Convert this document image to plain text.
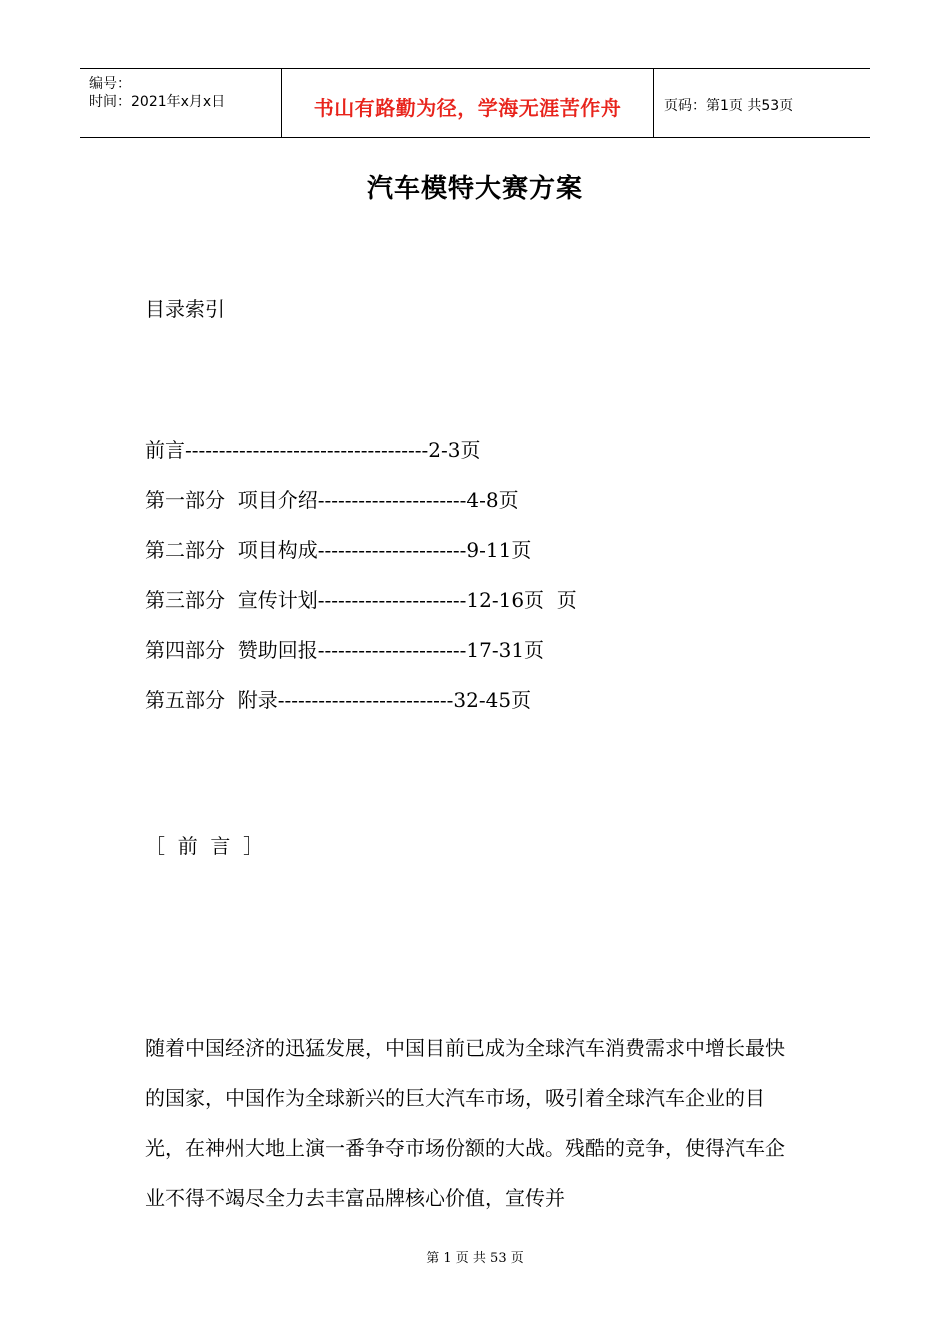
编号：
时间：2021年x月x日	书山有路勤为径，学海无涯苦作舟	页码：第1页 共53页
汽车模特大赛方案
目录索引
前言------------------------------------2-3页
第一部分  项目介绍----------------------4-8页
第二部分  项目构成----------------------9-11页
第三部分  宣传计划----------------------12-16页  页
第四部分  赞助回报----------------------17-31页
第五部分  附录--------------------------32-45页
［  前  言  ］

随着中国经济的迅猛发展，中国目前已成为全球汽车消费需求中增长最快的国家，中国作为全球新兴的巨大汽车市场，吸引着全球汽车企业的目光，在神州大地上演一番争夺市场份额的大战。残酷的竞争，使得汽车企业不得不竭尽全力去丰富品牌核心价值，宣传并

第 1 页 共 53 页
